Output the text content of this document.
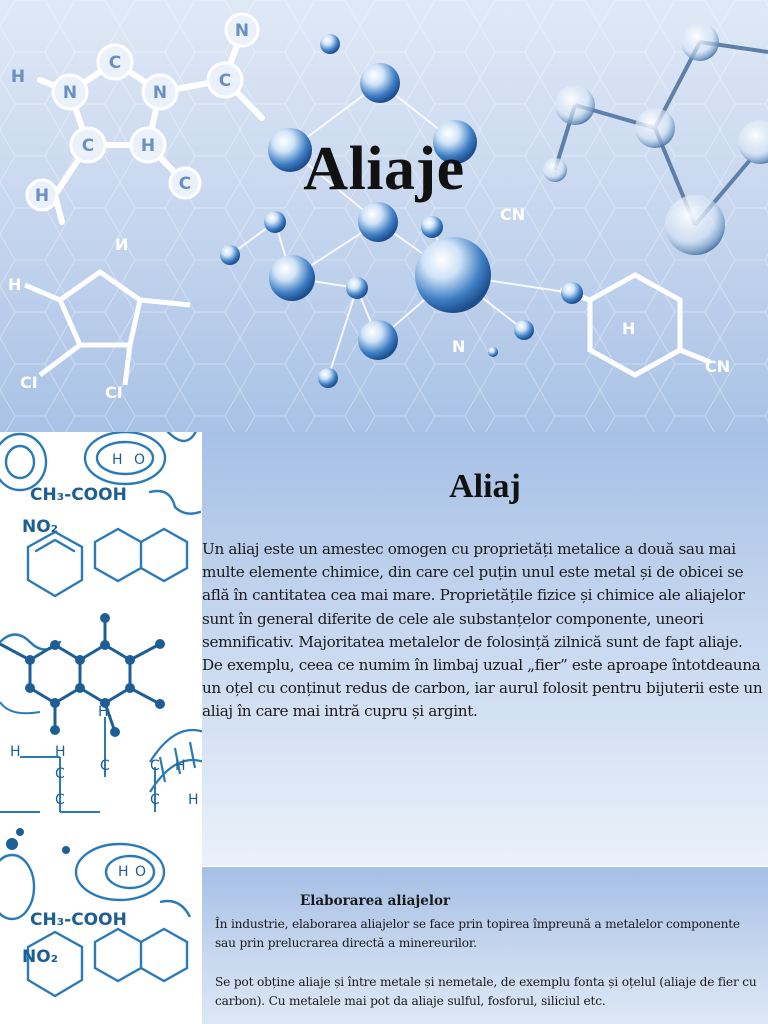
N
C
N
H
C
C
N
C
H
H
H
CI
CI
И
CN
N
H
CN
Aliaje
CH₃-COOH
NO₂
CH₃-COOH
NO₂
H O
H
H
H
C	C	C H
C	C H
H O
Aliaj

Un aliaj este un amestec omogen cu proprietăți metalice a două sau mai multe elemente chimice, din care cel puțin unul este metal și de obicei se află în cantitatea cea mai mare. Proprietățile fizice și chimice ale aliajelor sunt în general diferite de cele ale substanțelor componente, uneori semnificativ. Majoritatea metalelor de folosință zilnică sunt de fapt aliaje. De exemplu, ceea ce numim în limbaj uzual „fier” este aproape întotdeauna un oțel cu conținut redus de carbon, iar aurul folosit pentru bijuterii este un aliaj în care mai intră cupru și argint.

Elaborarea aliajelor

În industrie, elaborarea aliajelor se face prin topirea împreună a metalelor componente sau prin prelucrarea directă a minereurilor.

Se pot obține aliaje și între metale și nemetale, de exemplu fonta și oțelul (aliaje de fier cu carbon). Cu metalele mai pot da aliaje sulful, fosforul, siliciul etc.
